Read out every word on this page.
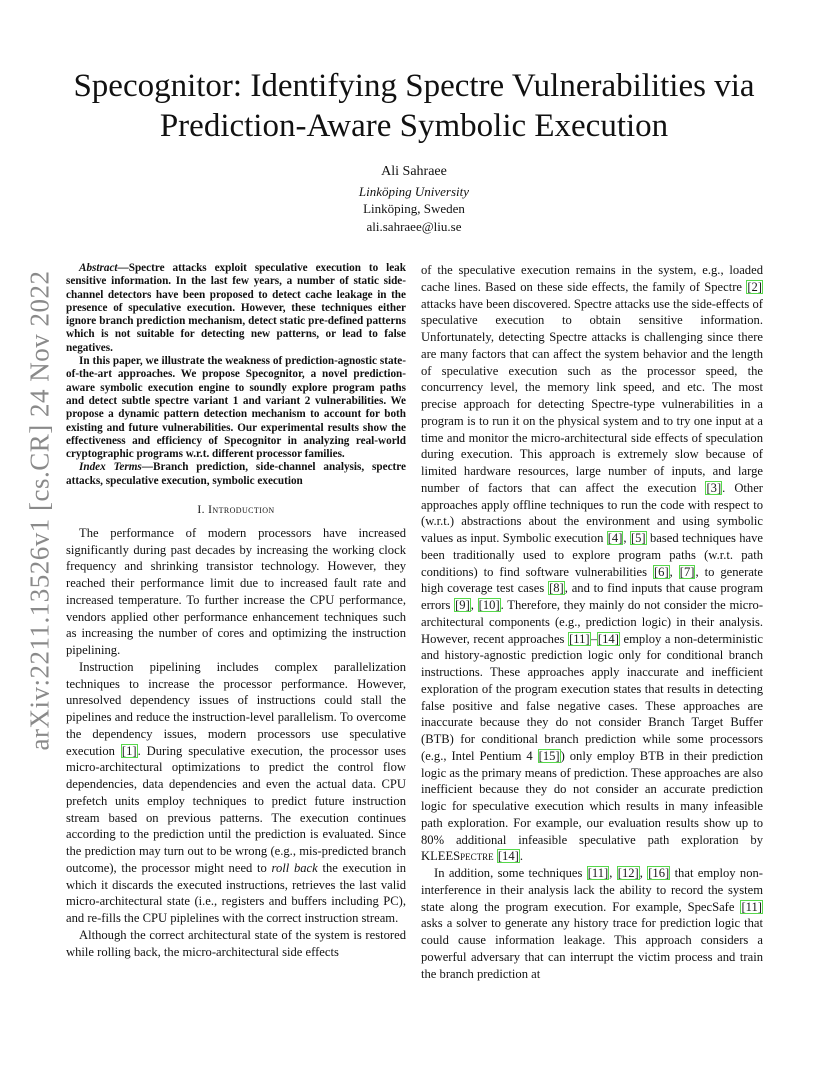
arXiv:2211.13526v1 [cs.CR] 24 Nov 2022
Specognitor: Identifying Spectre Vulnerabilities via
Prediction-Aware Symbolic Execution
Ali Sahraee
Linköping University
Linköping, Sweden
ali.sahraee@liu.se

Abstract—Spectre attacks exploit speculative execution to leak sensitive information. In the last few years, a number of static side-channel detectors have been proposed to detect cache leakage in the presence of speculative execution. However, these techniques either ignore branch prediction mechanism, detect static pre-defined patterns which is not suitable for detecting new patterns, or lead to false negatives.

In this paper, we illustrate the weakness of prediction-agnostic state-of-the-art approaches. We propose Specognitor, a novel prediction-aware symbolic execution engine to soundly explore program paths and detect subtle spectre variant 1 and variant 2 vulnerabilities. We propose a dynamic pattern detection mechanism to account for both existing and future vulnerabilities. Our experimental results show the effectiveness and efficiency of Specognitor in analyzing real-world cryptographic programs w.r.t. different processor families.

Index Terms—Branch prediction, side-channel analysis, spectre attacks, speculative execution, symbolic execution

I. Introduction

The performance of modern processors have increased significantly during past decades by increasing the working clock frequency and shrinking transistor technology. However, they reached their performance limit due to increased fault rate and increased temperature. To further increase the CPU performance, vendors applied other performance enhancement techniques such as increasing the number of cores and optimizing the instruction pipelining.

Instruction pipelining includes complex parallelization techniques to increase the processor performance. However, unresolved dependency issues of instructions could stall the pipelines and reduce the instruction-level parallelism. To overcome the dependency issues, modern processors use speculative execution [1]. During speculative execution, the processor uses micro-architectural optimizations to predict the control flow dependencies, data dependencies and even the actual data. CPU prefetch units employ techniques to predict future instruction stream based on previous patterns. The execution continues according to the prediction until the prediction is evaluated. Since the prediction may turn out to be wrong (e.g., mis-predicted branch outcome), the processor might need to roll back the execution in which it discards the executed instructions, retrieves the last valid micro-architectural state (i.e., registers and buffers including PC), and re-fills the CPU piplelines with the correct instruction stream.

Although the correct architectural state of the system is restored while rolling back, the micro-architectural side effects

of the speculative execution remains in the system, e.g., loaded cache lines. Based on these side effects, the family of Spectre [2] attacks have been discovered. Spectre attacks use the side-effects of speculative execution to obtain sensitive information. Unfortunately, detecting Spectre attacks is challenging since there are many factors that can affect the system behavior and the length of speculative execution such as the processor speed, the concurrency level, the memory link speed, and etc. The most precise approach for detecting Spectre-type vulnerabilities in a program is to run it on the physical system and to try one input at a time and monitor the micro-architectural side effects of speculation during execution. This approach is extremely slow because of limited hardware resources, large number of inputs, and large number of factors that can affect the execution [3]. Other approaches apply offline techniques to run the code with respect to (w.r.t.) abstractions about the environment and using symbolic values as input. Symbolic execution [4], [5] based techniques have been traditionally used to explore program paths (w.r.t. path conditions) to find software vulnerabilities [6], [7], to generate high coverage test cases [8], and to find inputs that cause program errors [9], [10]. Therefore, they mainly do not consider the micro-architectural components (e.g., prediction logic) in their analysis. However, recent approaches [11]–[14] employ a non-deterministic and history-agnostic prediction logic only for conditional branch instructions. These approaches apply inaccurate and inefficient exploration of the program execution states that results in detecting false positive and false negative cases. These approaches are inaccurate because they do not consider Branch Target Buffer (BTB) for conditional branch prediction while some processors (e.g., Intel Pentium 4 [15]) only employ BTB in their prediction logic as the primary means of prediction. These approaches are also inefficient because they do not consider an accurate prediction logic for speculative execution which results in many infeasible path exploration. For example, our evaluation results show up to 80% additional infeasible speculative path exploration by KLEESpectre [14].

In addition, some techniques [11], [12], [16] that employ non-interference in their analysis lack the ability to record the system state along the program execution. For example, SpecSafe [11] asks a solver to generate any history trace for prediction logic that could cause information leakage. This approach considers a powerful adversary that can interrupt the victim process and train the branch prediction at
